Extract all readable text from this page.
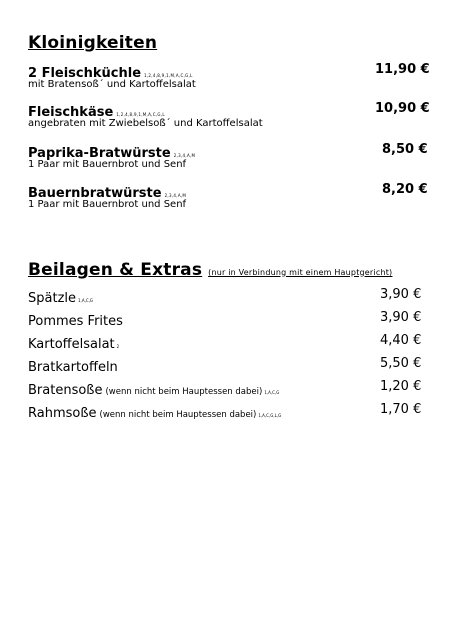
Kloinigkeiten
2 Fleischküchle 1,2,4,8,9,1,M,A,C,G,L	11,90 €
mit Bratensoß´ und Kartoffelsalat
Fleischkäse 1,2,4,8,9,1,M,A,C,G,L	10,90 €
angebraten mit Zwiebelsoß´ und Kartoffelsalat
Paprika-Bratwürste 2,3,4,A,M	8,50 €
1 Paar mit Bauernbrot und Senf
Bauernbratwürste 2,3,4,A,M	8,20 €
1 Paar mit Bauernbrot und Senf
Beilagen & Extras (nur in Verbindung mit einem Hauptgericht)
Spätzle 1,A,C,G	3,90 €
Pommes Frites	3,90 €
Kartoffelsalat 2	4,40 €
Bratkartoffeln	5,50 €
Bratensoße (wenn nicht beim Hauptessen dabei) 1,A,C,G	1,20 €
Rahmsoße (wenn nicht beim Hauptessen dabei) 1,A,C,G,L,G	1,70 €
